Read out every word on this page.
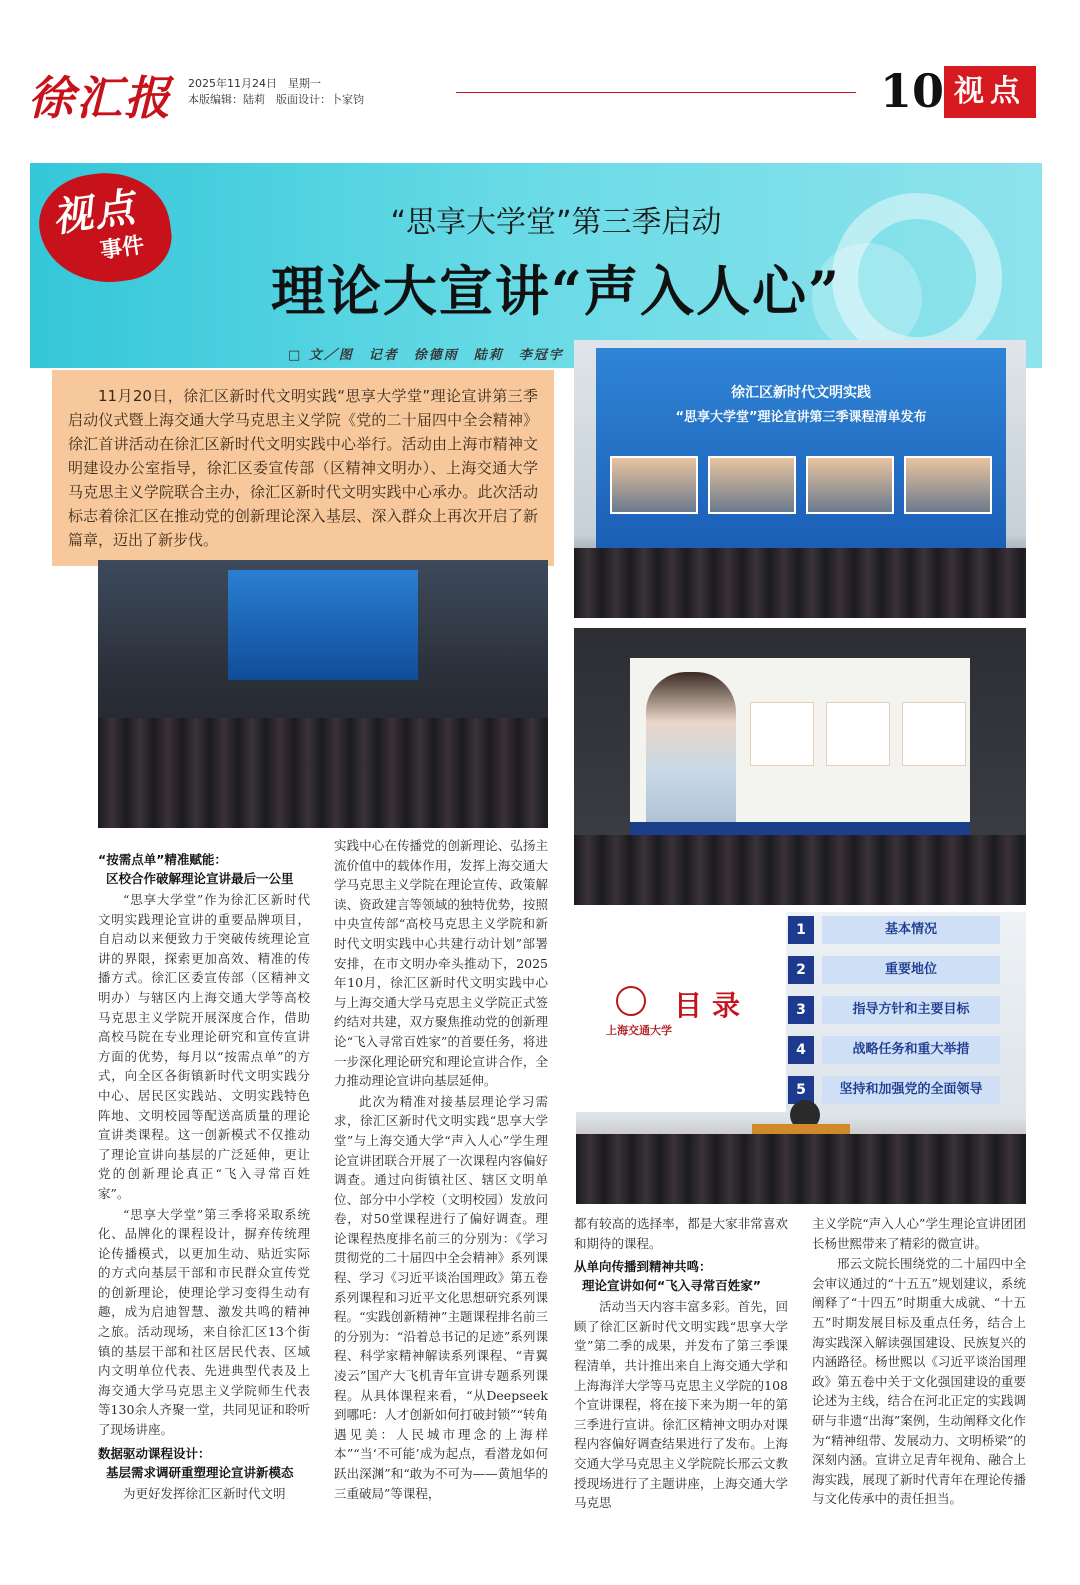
徐汇报 2025年11月24日　星期一
本版编辑：陆莉　版面设计：卜家钧	10 视点
视点
事件
“思享大学堂”第三季启动
理论大宣讲“声入人心”
□ 文／图　记者　徐德雨　陆莉　李冠宇

11月20日，徐汇区新时代文明实践“思享大学堂”理论宣讲第三季启动仪式暨上海交通大学马克思主义学院《党的二十届四中全会精神》徐汇首讲活动在徐汇区新时代文明实践中心举行。活动由上海市精神文明建设办公室指导，徐汇区委宣传部（区精神文明办）、上海交通大学马克思主义学院联合主办，徐汇区新时代文明实践中心承办。此次活动标志着徐汇区在推动党的创新理论深入基层、深入群众上再次开启了新篇章，迈出了新步伐。

徐汇区新时代文明实践
“思享大学堂”理论宣讲第三季课程清单发布
上海交通大学
目录
1	基本情况
2	重要地位
3	指导方针和主要目标
4	战略任务和重大举措
5	坚持和加强党的全面领导
“按需点单”精准赋能：
区校合作破解理论宣讲最后一公里

“思享大学堂”作为徐汇区新时代文明实践理论宣讲的重要品牌项目，自启动以来便致力于突破传统理论宣讲的界限，探索更加高效、精准的传播方式。徐汇区委宣传部（区精神文明办）与辖区内上海交通大学等高校马克思主义学院开展深度合作，借助高校马院在专业理论研究和宣传宣讲方面的优势，每月以“按需点单”的方式，向全区各街镇新时代文明实践分中心、居民区实践站、文明实践特色阵地、文明校园等配送高质量的理论宣讲类课程。这一创新模式不仅推动了理论宣讲向基层的广泛延伸，更让党的创新理论真正“飞入寻常百姓家”。

“思享大学堂”第三季将采取系统化、品牌化的课程设计，摒弃传统理论传播模式，以更加生动、贴近实际的方式向基层干部和市民群众宣传党的创新理论，使理论学习变得生动有趣，成为启迪智慧、激发共鸣的精神之旅。活动现场，来自徐汇区13个街镇的基层干部和社区居民代表、区域内文明单位代表、先进典型代表及上海交通大学马克思主义学院师生代表等130余人齐聚一堂，共同见证和聆听了现场讲座。

数据驱动课程设计：
基层需求调研重塑理论宣讲新模态

为更好发挥徐汇区新时代文明

实践中心在传播党的创新理论、弘扬主流价值中的载体作用，发挥上海交通大学马克思主义学院在理论宣传、政策解读、资政建言等领域的独特优势，按照中央宣传部“高校马克思主义学院和新时代文明实践中心共建行动计划”部署安排，在市文明办牵头推动下，2025年10月，徐汇区新时代文明实践中心与上海交通大学马克思主义学院正式签约结对共建，双方聚焦推动党的创新理论“飞入寻常百姓家”的首要任务，将进一步深化理论研究和理论宣讲合作，全力推动理论宣讲向基层延伸。

此次为精准对接基层理论学习需求，徐汇区新时代文明实践“思享大学堂”与上海交通大学“声入人心”学生理论宣讲团联合开展了一次课程内容偏好调查。通过向街镇社区、辖区文明单位、部分中小学校（文明校园）发放问卷，对50堂课程进行了偏好调查。理论课程热度排名前三的分别为：《学习贯彻党的二十届四中全会精神》系列课程、学习《习近平谈治国理政》第五卷系列课程和习近平文化思想研究系列课程。“实践创新精神”主题课程排名前三的分别为：“沿着总书记的足迹”系列课程、科学家精神解读系列课程、“青翼凌云”国产大飞机青年宣讲专题系列课程。从具体课程来看，“从Deepseek到哪吒：人才创新如何打破封锁”“转角遇见美：人民城市理念的上海样本”“当‘不可能’成为起点，看潜龙如何跃出深渊”和“敢为不可为——黄旭华的三重破局”等课程，

都有较高的选择率，都是大家非常喜欢和期待的课程。

从单向传播到精神共鸣：
理论宣讲如何“飞入寻常百姓家”

活动当天内容丰富多彩。首先，回顾了徐汇区新时代文明实践“思享大学堂”第二季的成果，并发布了第三季课程清单，共计推出来自上海交通大学和上海海洋大学等马克思主义学院的108个宣讲课程，将在接下来为期一年的第三季进行宣讲。徐汇区精神文明办对课程内容偏好调查结果进行了发布。上海交通大学马克思主义学院院长邢云文教授现场进行了主题讲座，上海交通大学马克思

主义学院“声入人心”学生理论宣讲团团长杨世熙带来了精彩的微宣讲。

邢云文院长围绕党的二十届四中全会审议通过的“十五五”规划建议，系统阐释了“十四五”时期重大成就、“十五五”时期发展目标及重点任务，结合上海实践深入解读强国建设、民族复兴的内涵路径。杨世熙以《习近平谈治国理政》第五卷中关于文化强国建设的重要论述为主线，结合在河北正定的实践调研与非遗“出海”案例，生动阐释文化作为“精神纽带、发展动力、文明桥梁”的深刻内涵。宣讲立足青年视角、融合上海实践，展现了新时代青年在理论传播与文化传承中的责任担当。
